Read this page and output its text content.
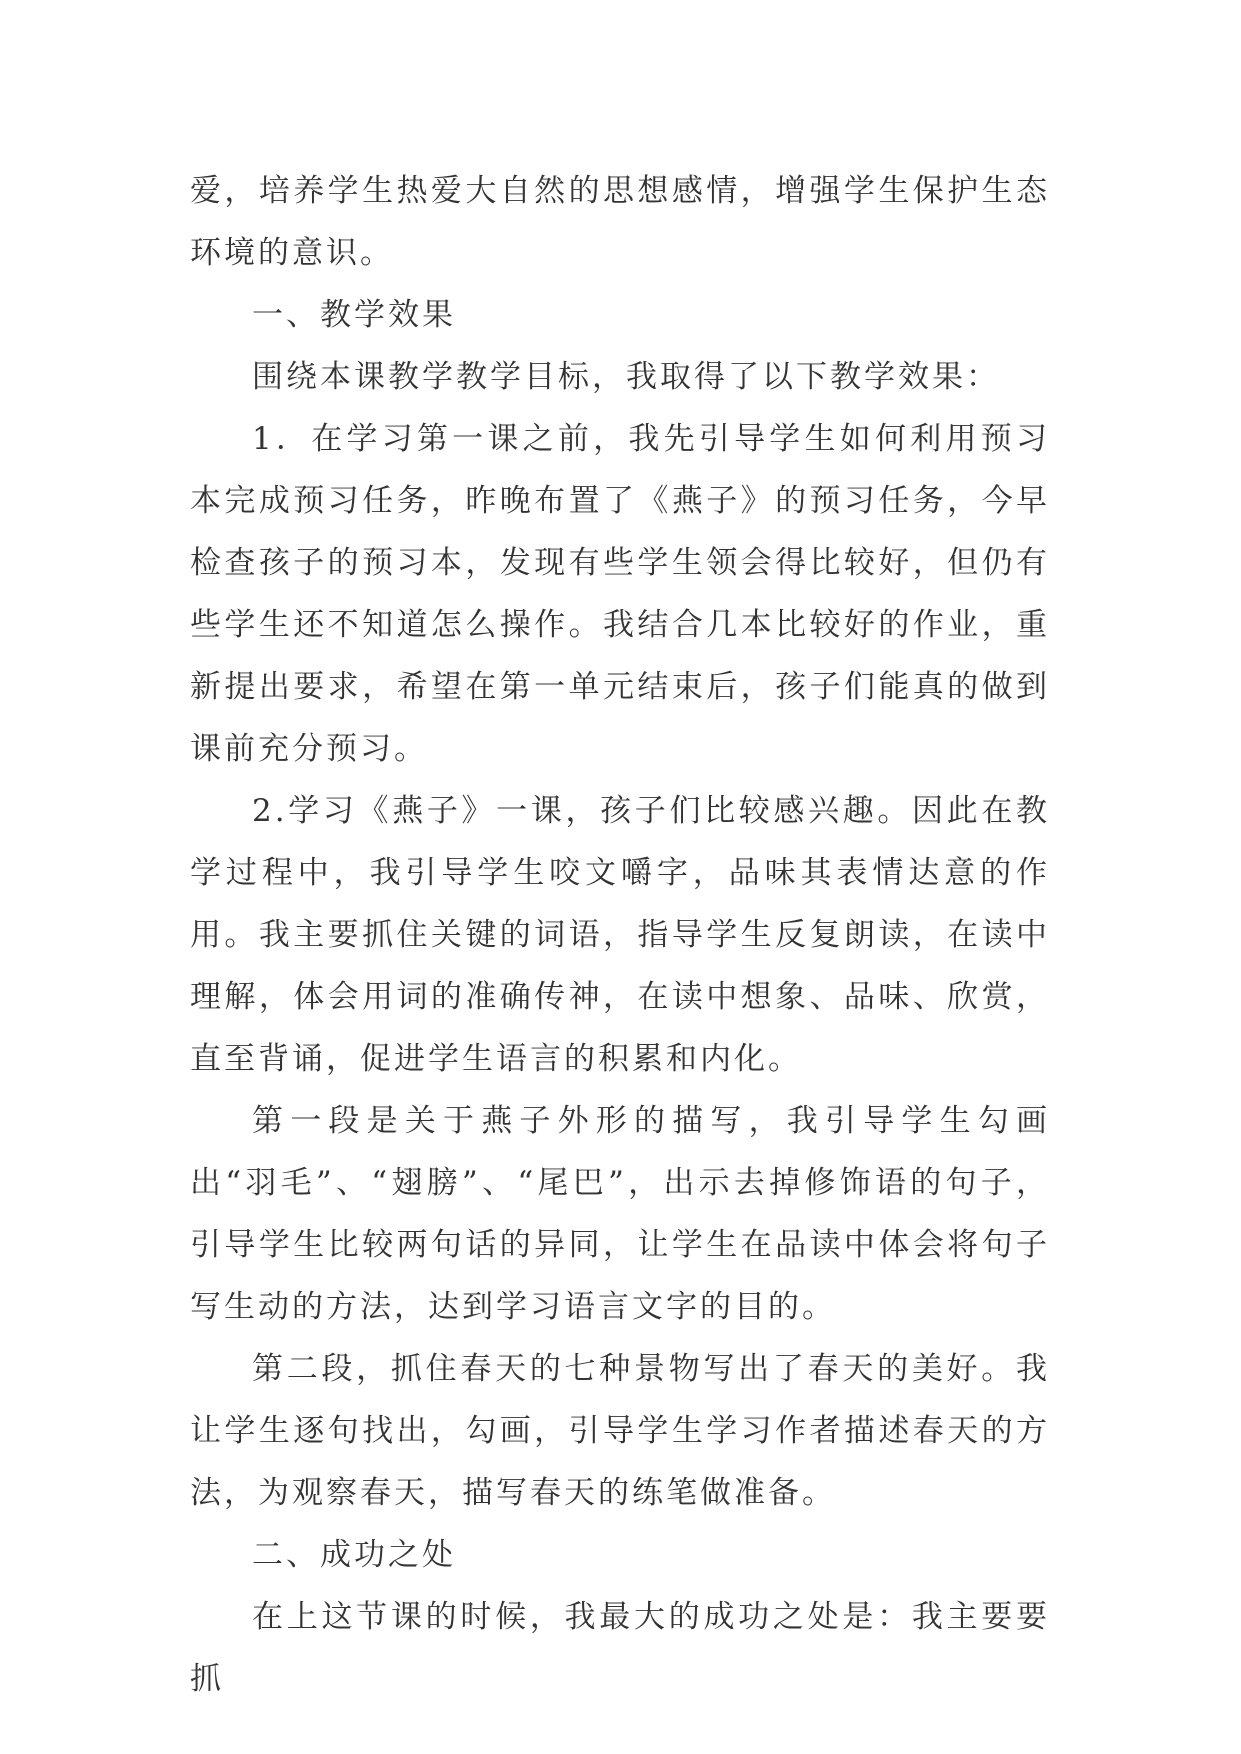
爱，培养学生热爱大自然的思想感情，增强学生保护生态环境的意识。

一、教学效果

围绕本课教学教学目标，我取得了以下教学效果：

1．在学习第一课之前，我先引导学生如何利用预习本完成预习任务，昨晚布置了《燕子》的预习任务，今早检查孩子的预习本，发现有些学生领会得比较好，但仍有些学生还不知道怎么操作。我结合几本比较好的作业，重新提出要求，希望在第一单元结束后，孩子们能真的做到课前充分预习。

2.学习《燕子》一课，孩子们比较感兴趣。因此在教学过程中，我引导学生咬文嚼字，品味其表情达意的作用。我主要抓住关键的词语，指导学生反复朗读，在读中理解，体会用词的准确传神，在读中想象、品味、欣赏，直至背诵，促进学生语言的积累和内化。

第一段是关于燕子外形的描写，我引导学生勾画出“羽毛”、“翅膀”、“尾巴”，出示去掉修饰语的句子，引导学生比较两句话的异同，让学生在品读中体会将句子写生动的方法，达到学习语言文字的目的。

第二段，抓住春天的七种景物写出了春天的美好。我让学生逐句找出，勾画，引导学生学习作者描述春天的方法，为观察春天，描写春天的练笔做准备。

二、成功之处

在上这节课的时候，我最大的成功之处是：我主要要抓
